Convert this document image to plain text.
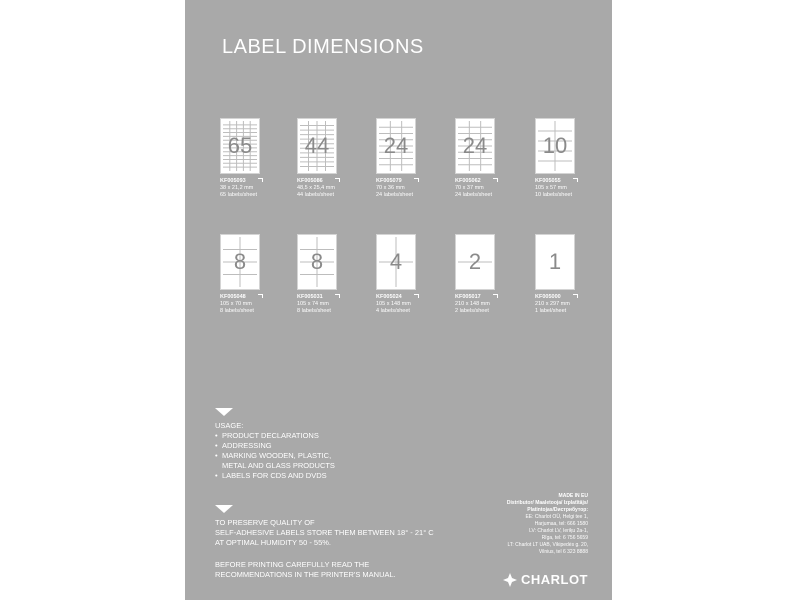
LABEL DIMENSIONS
65
KF005093
38 x 21,2 mm
65 labels/sheet
44
KF005086
48,5 x 25,4 mm
44 labels/sheet
24
KF005079
70 x 36 mm
24 labels/sheet
24
KF005062
70 x 37 mm
24 labels/sheet
10
KF005055
105 x 57 mm
10 labels/sheet
8
KF005048
105 x 70 mm
8 labels/sheet
8
KF005031
105 x 74 mm
8 labels/sheet
4
KF005024
105 x 148 mm
4 labels/sheet
2
KF005017
210 x 148 mm
2 labels/sheet
1
KF005000
210 x 297 mm
1 label/sheet
USAGE:
• PRODUCT DECLARATIONS
• ADDRESSING
• MARKING WOODEN, PLASTIC,
METAL AND GLASS PRODUCTS
• LABELS FOR CDS AND DVDS

TO PRESERVE QUALITY OF

SELF-ADHESIVE LABELS STORE THEM BETWEEN 18° - 21° C

AT OPTIMAL HUMIDITY 50 - 55%.

BEFORE PRINTING CAREFULLY READ THE

RECOMMENDATIONS IN THE PRINTER'S MANUAL.

MADE IN EU

Distributor/ Maaletooja/ Izplatītājs/

Platintojas/Dистрибутор:

EE: Charlot OÜ, Helgi tee 1,

Harjumaa, tel: 666 1580

LV: Charlot LV, Ieriķu 2a-1,

Rīga, tel: 6 756 5659

LT: Charlot LT UAB, Vikipedės g. 20,

Vilnius, tel 6 323 8888

CHARLOT
